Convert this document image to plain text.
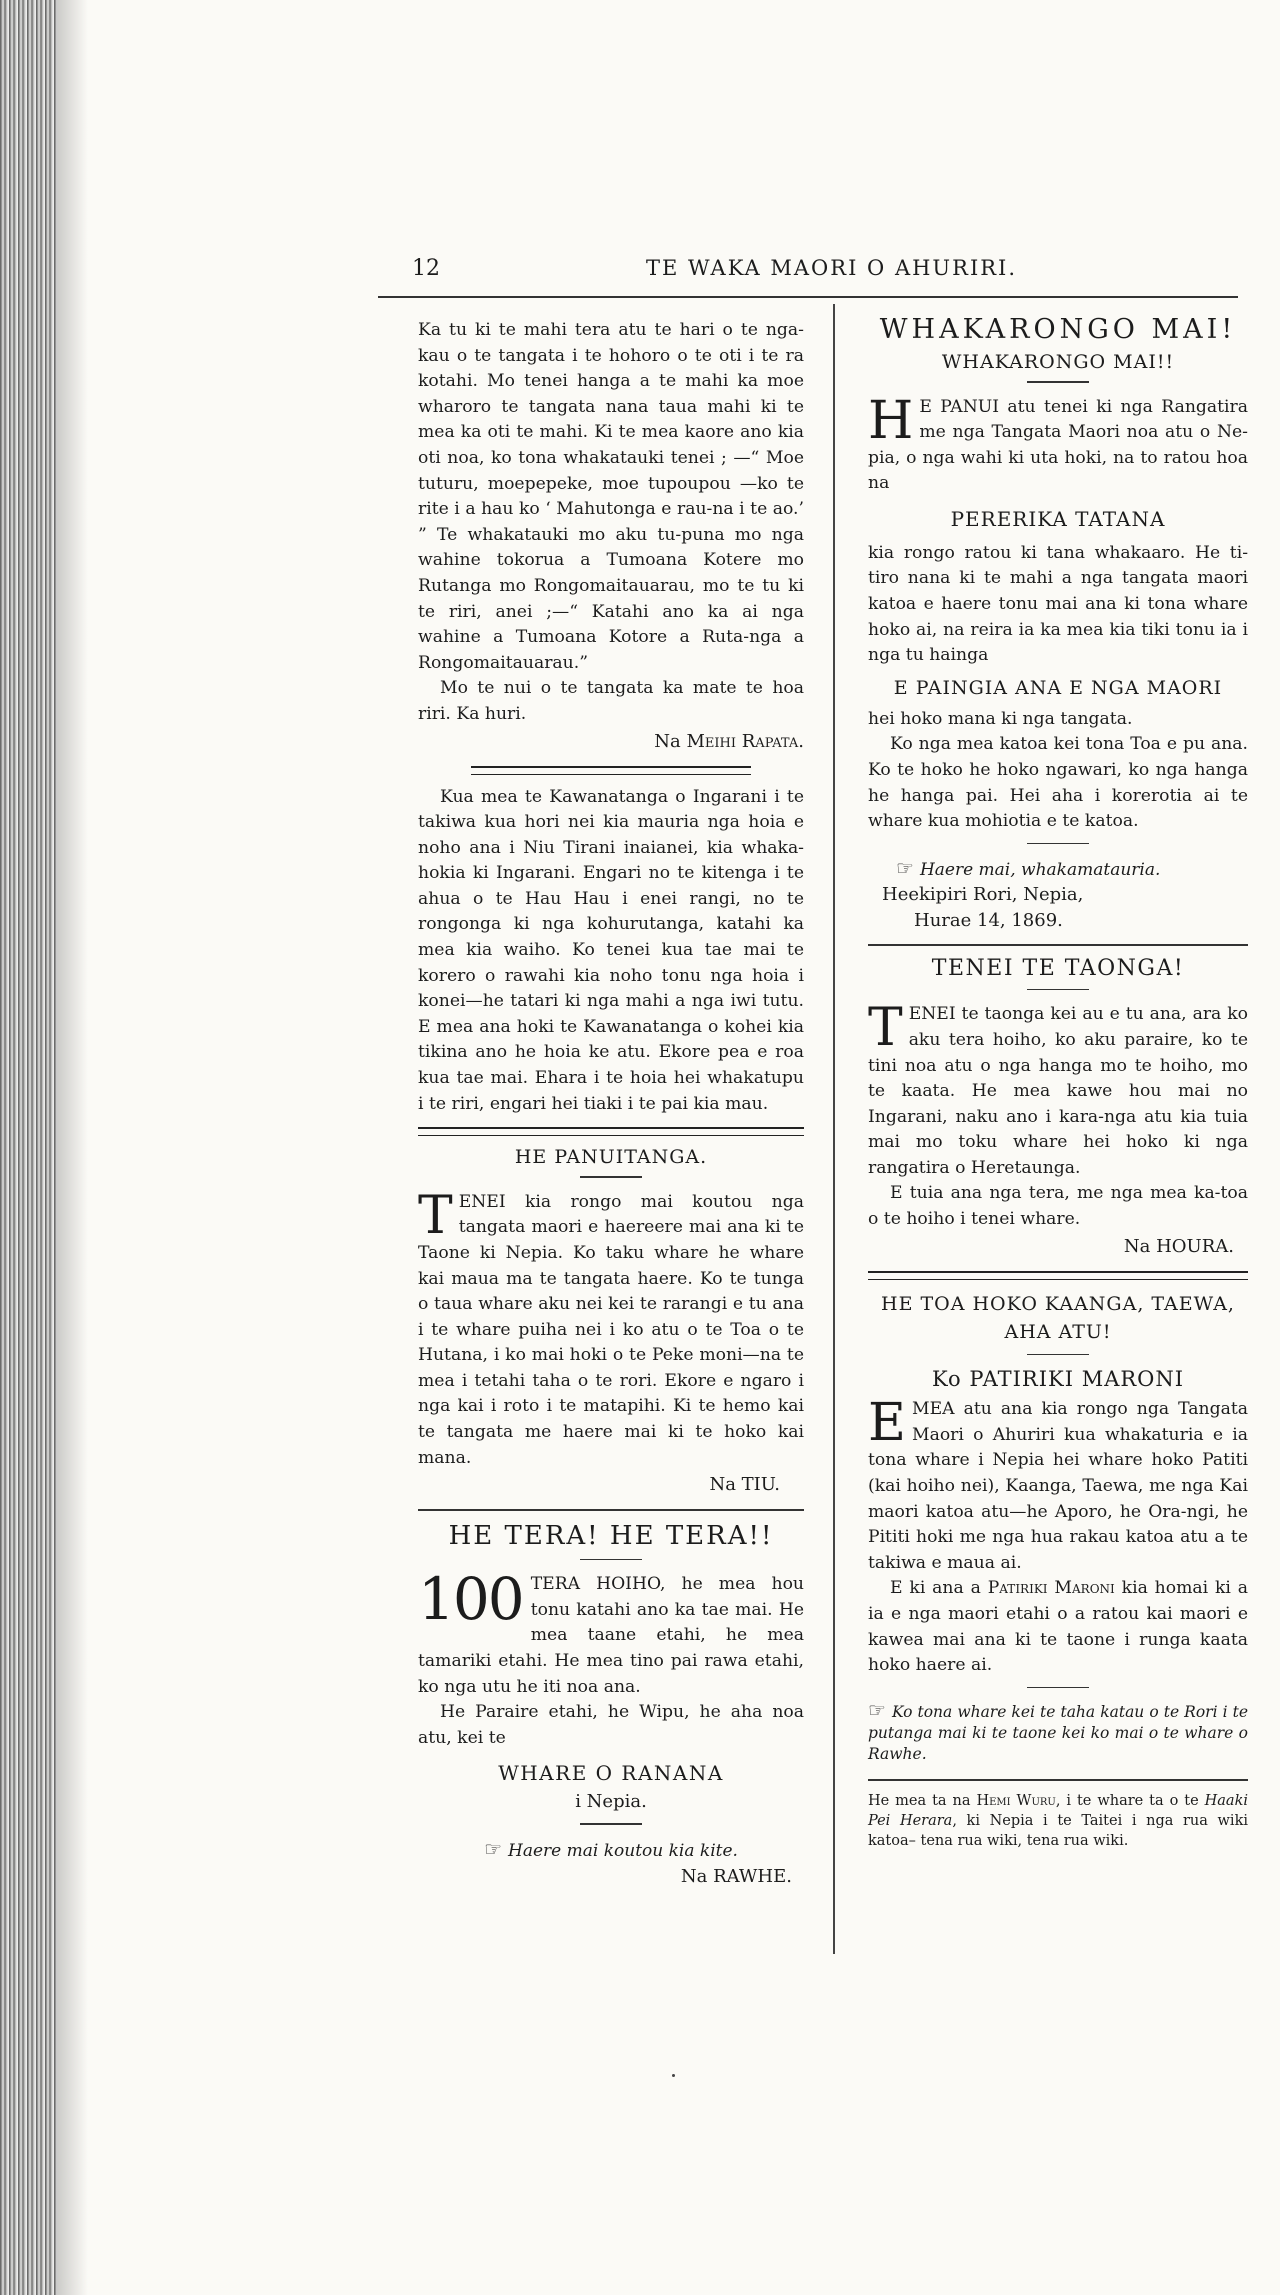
12	TE WAKA MAORI O AHURIRI.

Ka tu ki te mahi tera atu te hari o te nga-kau o te tangata i te hohoro o te oti i te ra kotahi. Mo tenei hanga a te mahi ka moe wharoro te tangata nana taua mahi ki te mea ka oti te mahi. Ki te mea kaore ano kia oti noa, ko tona whakatauki tenei ; —“ Moe tuturu, moepepeke, moe tupoupou —ko te rite i a hau ko ‘ Mahutonga e rau-na i te ao.’ ” Te whakatauki mo aku tu-puna mo nga wahine tokorua a Tumoana Kotere mo Rutanga mo Rongomaitauarau, mo te tu ki te riri, anei ;—“ Katahi ano ka ai nga wahine a Tumoana Kotore a Ruta-nga a Rongomaitauarau.”

Mo te nui o te tangata ka mate te hoa riri. Ka huri.

Na Meihi Rapata.

Kua mea te Kawanatanga o Ingarani i te takiwa kua hori nei kia mauria nga hoia e noho ana i Niu Tirani inaianei, kia whaka-hokia ki Ingarani. Engari no te kitenga i te ahua o te Hau Hau i enei rangi, no te rongonga ki nga kohurutanga, katahi ka mea kia waiho. Ko tenei kua tae mai te korero o rawahi kia noho tonu nga hoia i konei—he tatari ki nga mahi a nga iwi tutu. E mea ana hoki te Kawanatanga o kohei kia tikina ano he hoia ke atu. Ekore pea e roa kua tae mai. Ehara i te hoia hei whakatupu i te riri, engari hei tiaki i te pai kia mau.

HE PANUITANGA.

TENEI kia rongo mai koutou nga tangata maori e haereere mai ana ki te Taone ki Nepia. Ko taku whare he whare kai maua ma te tangata haere. Ko te tunga o taua whare aku nei kei te rarangi e tu ana i te whare puiha nei i ko atu o te Toa o te Hutana, i ko mai hoki o te Peke moni—na te mea i tetahi taha o te rori. Ekore e ngaro i nga kai i roto i te matapihi. Ki te hemo kai te tangata me haere mai ki te hoko kai mana.

Na TIU.

HE TERA! HE TERA!!

100 TERA HOIHO, he mea hou tonu katahi ano ka tae mai. He mea taane etahi, he mea tamariki etahi. He mea tino pai rawa etahi, ko nga utu he iti noa ana.

He Paraire etahi, he Wipu, he aha noa atu, kei te

WHARE O RANANA
i Nepia.

☞ Haere mai koutou kia kite.

Na RAWHE.

WHAKARONGO MAI!
WHAKARONGO MAI!!

H E PANUI atu tenei ki nga Rangatira me nga Tangata Maori noa atu o Ne-pia, o nga wahi ki uta hoki, na to ratou hoa na

PERERIKA TATANA

kia rongo ratou ki tana whakaaro. He ti-tiro nana ki te mahi a nga tangata maori katoa e haere tonu mai ana ki tona whare hoko ai, na reira ia ka mea kia tiki tonu ia i nga tu hainga

E PAINGIA ANA E NGA MAORI

hei hoko mana ki nga tangata.

Ko nga mea katoa kei tona Toa e pu ana. Ko te hoko he hoko ngawari, ko nga hanga he hanga pai. Hei aha i korerotia ai te whare kua mohiotia e te katoa.

☞ Haere mai, whakamatauria.

Heekipiri Rori, Nepia,

Hurae 14, 1869.

TENEI TE TAONGA!

TENEI te taonga kei au e tu ana, ara ko aku tera hoiho, ko aku paraire, ko te tini noa atu o nga hanga mo te hoiho, mo te kaata. He mea kawe hou mai no Ingarani, naku ano i kara-nga atu kia tuia mai mo toku whare hei hoko ki nga rangatira o Heretaunga.

E tuia ana nga tera, me nga mea ka-toa o te hoiho i tenei whare.

Na HOURA.

HE TOA HOKO KAANGA, TAEWA, AHA ATU!
Ko PATIRIKI MARONI

EMEA atu ana kia rongo nga Tangata Maori o Ahuriri kua whakaturia e ia tona whare i Nepia hei whare hoko Patiti (kai hoiho nei), Kaanga, Taewa, me nga Kai maori katoa atu—he Aporo, he Ora-ngi, he Pititi hoki me nga hua rakau katoa atu a te takiwa e maua ai.

E ki ana a Patiriki Maroni kia homai ki a ia e nga maori etahi o a ratou kai maori e kawea mai ana ki te taone i runga kaata hoko haere ai.

☞ Ko tona whare kei te taha katau o te Rori i te putanga mai ki te taone kei ko mai o te whare o Rawhe.

He mea ta na Hemi Wuru, i te whare ta o te Haaki Pei Herara, ki Nepia i te Taitei i nga rua wiki katoa– tena rua wiki, tena rua wiki.
